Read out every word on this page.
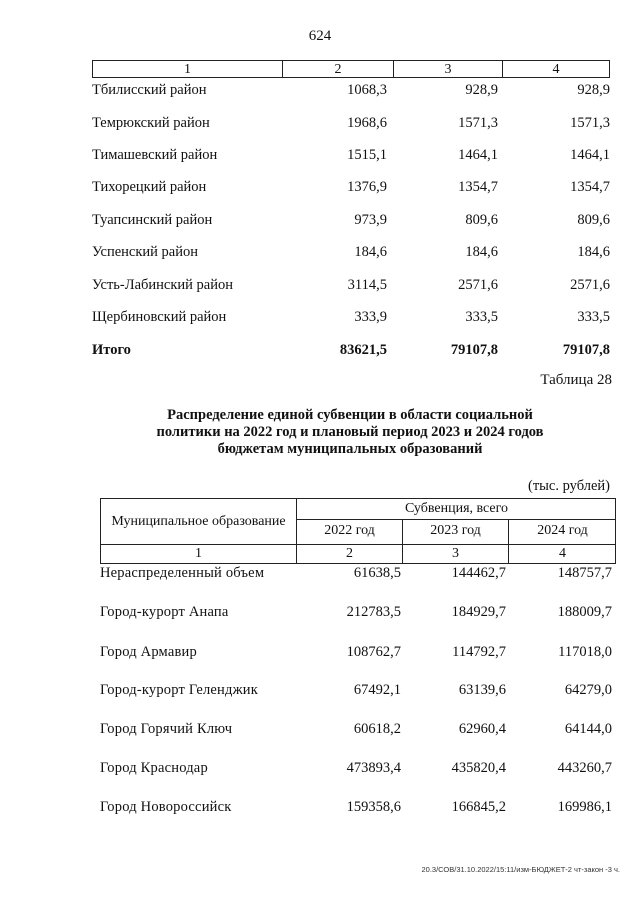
624
1	2	3	4
Тбилисский район	1068,3	928,9	928,9
Темрюкский район	1968,6	1571,3	1571,3
Тимашевский район	1515,1	1464,1	1464,1
Тихорецкий район	1376,9	1354,7	1354,7
Туапсинский район	973,9	809,6	809,6
Успенский район	184,6	184,6	184,6
Усть-Лабинский район	3114,5	2571,6	2571,6
Щербиновский район	333,9	333,5	333,5
Итого	83621,5	79107,8	79107,8
Таблица 28
Распределение единой субвенции в области социальной
политики на 2022 год и плановый период 2023 и 2024 годов
бюджетам муниципальных образований
(тыс. рублей)
Муниципальное образование
Субвенция, всего
2022 год	2023 год	2024 год
1	2	3	4
Нераспределенный объем	61638,5	144462,7	148757,7
Город-курорт Анапа	212783,5	184929,7	188009,7
Город Армавир	108762,7	114792,7	117018,0
Город-курорт Геленджик	67492,1	63139,6	64279,0
Город Горячий Ключ	60618,2	62960,4	64144,0
Город Краснодар	473893,4	435820,4	443260,7
Город Новороссийск	159358,6	166845,2	169986,1
20.3/СОВ/31.10.2022/15:11/изм-БЮДЖЕТ-2 чт-закон -3 ч.
